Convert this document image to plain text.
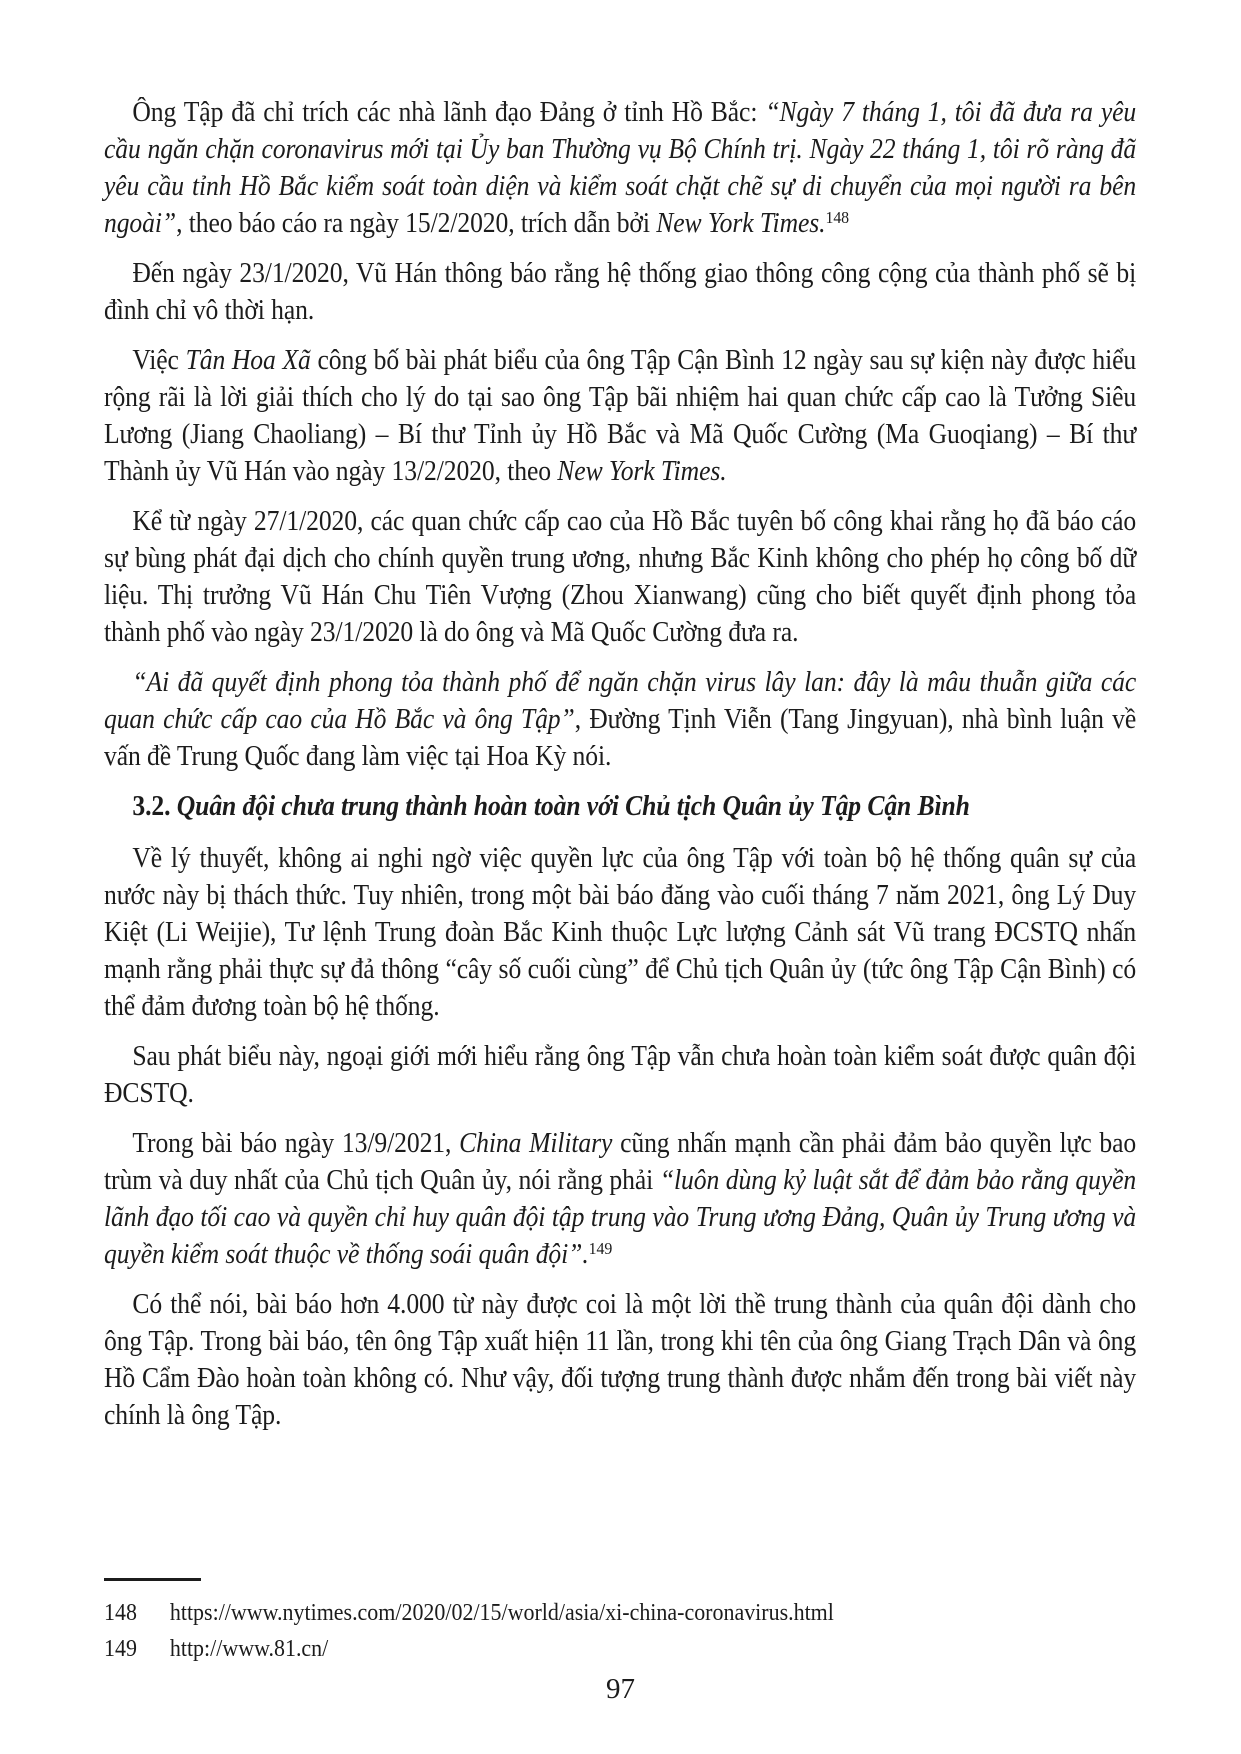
Ông Tập đã chỉ trích các nhà lãnh đạo Đảng ở tỉnh Hồ Bắc: “Ngày 7 tháng 1, tôi đã đưa ra yêu cầu ngăn chặn coronavirus mới tại Ủy ban Thường vụ Bộ Chính trị. Ngày 22 tháng 1, tôi rõ ràng đã yêu cầu tỉnh Hồ Bắc kiểm soát toàn diện và kiểm soát chặt chẽ sự di chuyển của mọi người ra bên ngoài”, theo báo cáo ra ngày 15/2/2020, trích dẫn bởi New York Times.$^{148}$

Đến ngày 23/1/2020, Vũ Hán thông báo rằng hệ thống giao thông công cộng của thành phố sẽ bị đình chỉ vô thời hạn.

Việc Tân Hoa Xã công bố bài phát biểu của ông Tập Cận Bình 12 ngày sau sự kiện này được hiểu rộng rãi là lời giải thích cho lý do tại sao ông Tập bãi nhiệm hai quan chức cấp cao là Tưởng Siêu Lương (Jiang Chaoliang) – Bí thư Tỉnh ủy Hồ Bắc và Mã Quốc Cường (Ma Guoqiang) – Bí thư Thành ủy Vũ Hán vào ngày 13/2/2020, theo New York Times.

Kể từ ngày 27/1/2020, các quan chức cấp cao của Hồ Bắc tuyên bố công khai rằng họ đã báo cáo sự bùng phát đại dịch cho chính quyền trung ương, nhưng Bắc Kinh không cho phép họ công bố dữ liệu. Thị trưởng Vũ Hán Chu Tiên Vượng (Zhou Xianwang) cũng cho biết quyết định phong tỏa thành phố vào ngày 23/1/2020 là do ông và Mã Quốc Cường đưa ra.

“Ai đã quyết định phong tỏa thành phố để ngăn chặn virus lây lan: đây là mâu thuẫn giữa các quan chức cấp cao của Hồ Bắc và ông Tập”, Đường Tịnh Viễn (Tang Jingyuan), nhà bình luận về vấn đề Trung Quốc đang làm việc tại Hoa Kỳ nói.

3.2. Quân đội chưa trung thành hoàn toàn với Chủ tịch Quân ủy Tập Cận Bình

Về lý thuyết, không ai nghi ngờ việc quyền lực của ông Tập với toàn bộ hệ thống quân sự của nước này bị thách thức. Tuy nhiên, trong một bài báo đăng vào cuối tháng 7 năm 2021, ông Lý Duy Kiệt (Li Weijie), Tư lệnh Trung đoàn Bắc Kinh thuộc Lực lượng Cảnh sát Vũ trang ĐCSTQ nhấn mạnh rằng phải thực sự đả thông “cây số cuối cùng” để Chủ tịch Quân ủy (tức ông Tập Cận Bình) có thể đảm đương toàn bộ hệ thống.

Sau phát biểu này, ngoại giới mới hiểu rằng ông Tập vẫn chưa hoàn toàn kiểm soát được quân đội ĐCSTQ.

Trong bài báo ngày 13/9/2021, China Military cũng nhấn mạnh cần phải đảm bảo quyền lực bao trùm và duy nhất của Chủ tịch Quân ủy, nói rằng phải “luôn dùng kỷ luật sắt để đảm bảo rằng quyền lãnh đạo tối cao và quyền chỉ huy quân đội tập trung vào Trung ương Đảng, Quân ủy Trung ương và quyền kiểm soát thuộc về thống soái quân đội”.$^{149}$

Có thể nói, bài báo hơn 4.000 từ này được coi là một lời thề trung thành của quân đội dành cho ông Tập. Trong bài báo, tên ông Tập xuất hiện 11 lần, trong khi tên của ông Giang Trạch Dân và ông Hồ Cẩm Đào hoàn toàn không có. Như vậy, đối tượng trung thành được nhắm đến trong bài viết này chính là ông Tập.

148	https://www.nytimes.com/2020/02/15/world/asia/xi-china-coronavirus.html
149	http://www.81.cn/
97
